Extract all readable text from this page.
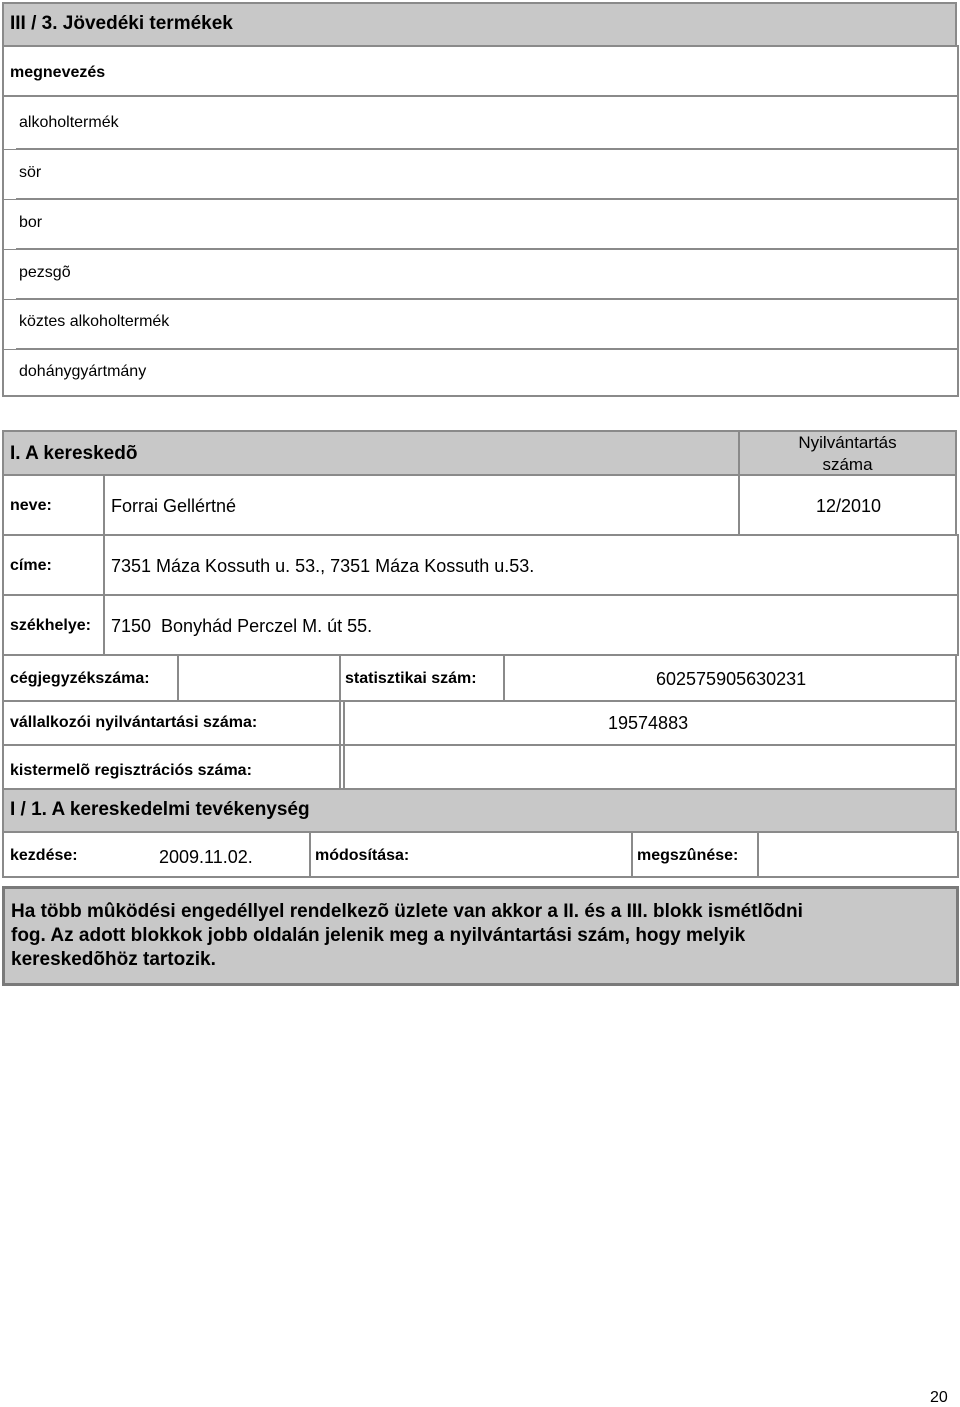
III / 3. Jövedéki termékek
megnevezés
alkoholtermék
sör
bor
pezsgõ
köztes alkoholtermék
dohánygyártmány
I. A kereskedõ
Nyilvántartás
száma
neve:	Forrai Gellértné	12/2010
címe:	7351 Máza Kossuth u. 53., 7351 Máza Kossuth u.53.
székhelye: 7150  Bonyhád Perczel M. út 55.
cégjegyzékszáma:	statisztikai szám:	602575905630231
vállalkozói nyilvántartási száma:	19574883
kistermelõ regisztrációs száma:
I / 1. A kereskedelmi tevékenység
kezdése:	2009.11.02.	módosítása:	megszûnése:
Ha több mûködési engedéllyel rendelkezõ üzlete van akkor a II. és a III. blokk ismétlõdni
fog. Az adott blokkok jobb oldalán jelenik meg a nyilvántartási szám, hogy melyik
kereskedõhöz tartozik.
20
